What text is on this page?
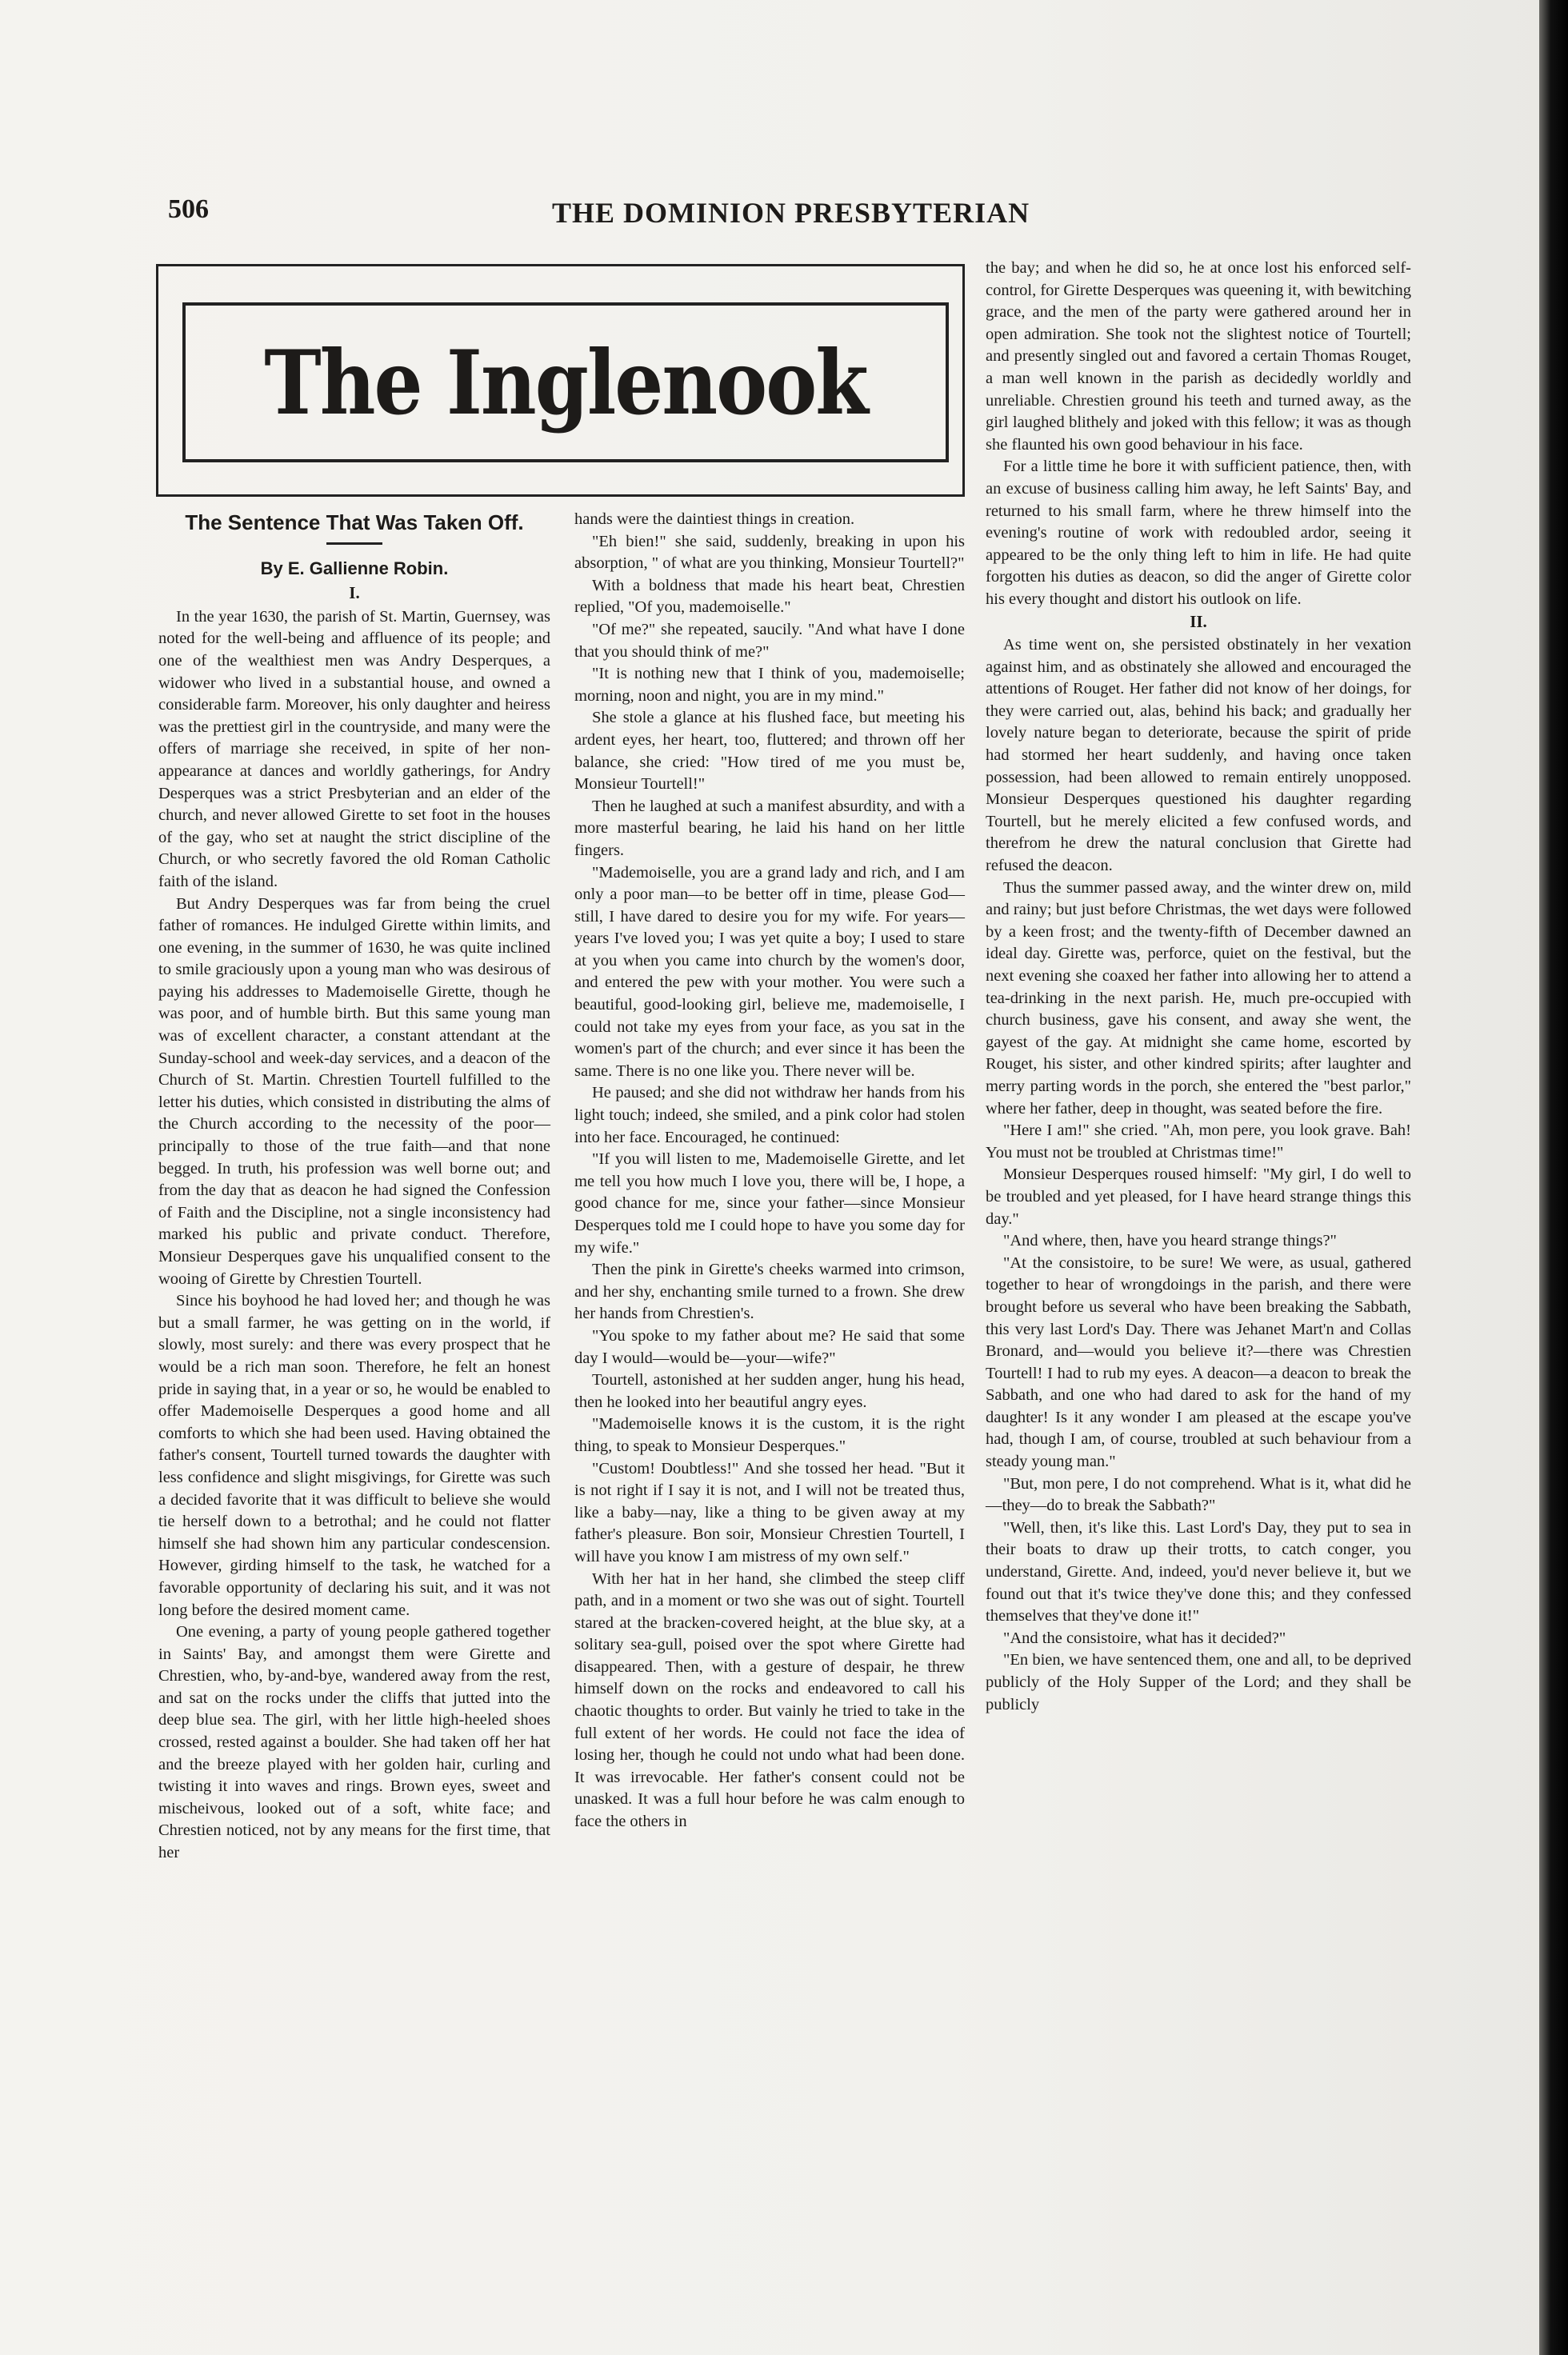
506	THE DOMINION PRESBYTERIAN
The Inglenook
The Sentence That Was Taken Off.
By E. Gallienne Robin.
I.

In the year 1630, the parish of St. Martin, Guernsey, was noted for the well-being and affluence of its people; and one of the wealthiest men was Andry Desperques, a widower who lived in a substantial house, and owned a considerable farm. Moreover, his only daughter and heiress was the prettiest girl in the countryside, and many were the offers of marriage she received, in spite of her non-appearance at dances and worldly gatherings, for Andry Desperques was a strict Presbyterian and an elder of the church, and never allowed Girette to set foot in the houses of the gay, who set at naught the strict discipline of the Church, or who secretly favored the old Roman Catholic faith of the island.

But Andry Desperques was far from being the cruel father of romances. He indulged Girette within limits, and one evening, in the summer of 1630, he was quite inclined to smile graciously upon a young man who was desirous of paying his addresses to Mademoiselle Girette, though he was poor, and of humble birth. But this same young man was of excellent character, a constant attendant at the Sunday-school and week-day services, and a deacon of the Church of St. Martin. Chrestien Tourtell fulfilled to the letter his duties, which consisted in distributing the alms of the Church according to the necessity of the poor—principally to those of the true faith—and that none begged. In truth, his profession was well borne out; and from the day that as deacon he had signed the Confession of Faith and the Discipline, not a single inconsistency had marked his public and private conduct. Therefore, Monsieur Desperques gave his unqualified consent to the wooing of Girette by Chrestien Tourtell.

Since his boyhood he had loved her; and though he was but a small farmer, he was getting on in the world, if slowly, most surely: and there was every prospect that he would be a rich man soon. Therefore, he felt an honest pride in saying that, in a year or so, he would be enabled to offer Mademoiselle Desperques a good home and all comforts to which she had been used. Having obtained the father's consent, Tourtell turned towards the daughter with less confidence and slight misgivings, for Girette was such a decided favorite that it was difficult to believe she would tie herself down to a betrothal; and he could not flatter himself she had shown him any particular condescension. However, girding himself to the task, he watched for a favorable opportunity of declaring his suit, and it was not long before the desired moment came.

One evening, a party of young people gathered together in Saints' Bay, and amongst them were Girette and Chrestien, who, by-and-bye, wandered away from the rest, and sat on the rocks under the cliffs that jutted into the deep blue sea. The girl, with her little high-heeled shoes crossed, rested against a boulder. She had taken off her hat and the breeze played with her golden hair, curling and twisting it into waves and rings. Brown eyes, sweet and mischeivous, looked out of a soft, white face; and Chrestien noticed, not by any means for the first time, that her

hands were the daintiest things in creation.

"Eh bien!" she said, suddenly, breaking in upon his absorption, " of what are you thinking, Monsieur Tourtell?"

With a boldness that made his heart beat, Chrestien replied, "Of you, mademoiselle."

"Of me?" she repeated, saucily. "And what have I done that you should think of me?"

"It is nothing new that I think of you, mademoiselle; morning, noon and night, you are in my mind."

She stole a glance at his flushed face, but meeting his ardent eyes, her heart, too, fluttered; and thrown off her balance, she cried: "How tired of me you must be, Monsieur Tourtell!"

Then he laughed at such a manifest absurdity, and with a more masterful bearing, he laid his hand on her little fingers.

"Mademoiselle, you are a grand lady and rich, and I am only a poor man—to be better off in time, please God—still, I have dared to desire you for my wife. For years—years I've loved you; I was yet quite a boy; I used to stare at you when you came into church by the women's door, and entered the pew with your mother. You were such a beautiful, good-looking girl, believe me, mademoiselle, I could not take my eyes from your face, as you sat in the women's part of the church; and ever since it has been the same. There is no one like you. There never will be.

He paused; and she did not withdraw her hands from his light touch; indeed, she smiled, and a pink color had stolen into her face. Encouraged, he continued:

"If you will listen to me, Mademoiselle Girette, and let me tell you how much I love you, there will be, I hope, a good chance for me, since your father—since Monsieur Desperques told me I could hope to have you some day for my wife."

Then the pink in Girette's cheeks warmed into crimson, and her shy, enchanting smile turned to a frown. She drew her hands from Chrestien's.

"You spoke to my father about me? He said that some day I would—would be—your—wife?"

Tourtell, astonished at her sudden anger, hung his head, then he looked into her beautiful angry eyes.

"Mademoiselle knows it is the custom, it is the right thing, to speak to Monsieur Desperques."

"Custom! Doubtless!" And she tossed her head. "But it is not right if I say it is not, and I will not be treated thus, like a baby—nay, like a thing to be given away at my father's pleasure. Bon soir, Monsieur Chrestien Tourtell, I will have you know I am mistress of my own self."

With her hat in her hand, she climbed the steep cliff path, and in a moment or two she was out of sight. Tourtell stared at the bracken-covered height, at the blue sky, at a solitary sea-gull, poised over the spot where Girette had disappeared. Then, with a gesture of despair, he threw himself down on the rocks and endeavored to call his chaotic thoughts to order. But vainly he tried to take in the full extent of her words. He could not face the idea of losing her, though he could not undo what had been done. It was irrevocable. Her father's consent could not be unasked. It was a full hour before he was calm enough to face the others in

the bay; and when he did so, he at once lost his enforced self-control, for Girette Desperques was queening it, with bewitching grace, and the men of the party were gathered around her in open admiration. She took not the slightest notice of Tourtell; and presently singled out and favored a certain Thomas Rouget, a man well known in the parish as decidedly worldly and unreliable. Chrestien ground his teeth and turned away, as the girl laughed blithely and joked with this fellow; it was as though she flaunted his own good behaviour in his face.

For a little time he bore it with sufficient patience, then, with an excuse of business calling him away, he left Saints' Bay, and returned to his small farm, where he threw himself into the evening's routine of work with redoubled ardor, seeing it appeared to be the only thing left to him in life. He had quite forgotten his duties as deacon, so did the anger of Girette color his every thought and distort his outlook on life.

II.

As time went on, she persisted obstinately in her vexation against him, and as obstinately she allowed and encouraged the attentions of Rouget. Her father did not know of her doings, for they were carried out, alas, behind his back; and gradually her lovely nature began to deteriorate, because the spirit of pride had stormed her heart suddenly, and having once taken possession, had been allowed to remain entirely unopposed. Monsieur Desperques questioned his daughter regarding Tourtell, but he merely elicited a few confused words, and therefrom he drew the natural conclusion that Girette had refused the deacon.

Thus the summer passed away, and the winter drew on, mild and rainy; but just before Christmas, the wet days were followed by a keen frost; and the twenty-fifth of December dawned an ideal day. Girette was, perforce, quiet on the festival, but the next evening she coaxed her father into allowing her to attend a tea-drinking in the next parish. He, much pre-occupied with church business, gave his consent, and away she went, the gayest of the gay. At midnight she came home, escorted by Rouget, his sister, and other kindred spirits; after laughter and merry parting words in the porch, she entered the "best parlor," where her father, deep in thought, was seated before the fire.

"Here I am!" she cried. "Ah, mon pere, you look grave. Bah! You must not be troubled at Christmas time!"

Monsieur Desperques roused himself: "My girl, I do well to be troubled and yet pleased, for I have heard strange things this day."

"And where, then, have you heard strange things?"

"At the consistoire, to be sure! We were, as usual, gathered together to hear of wrongdoings in the parish, and there were brought before us several who have been breaking the Sabbath, this very last Lord's Day. There was Jehanet Mart'n and Collas Bronard, and—would you believe it?—there was Chrestien Tourtell! I had to rub my eyes. A deacon—a deacon to break the Sabbath, and one who had dared to ask for the hand of my daughter! Is it any wonder I am pleased at the escape you've had, though I am, of course, troubled at such behaviour from a steady young man."

"But, mon pere, I do not comprehend. What is it, what did he—they—do to break the Sabbath?"

"Well, then, it's like this. Last Lord's Day, they put to sea in their boats to draw up their trotts, to catch conger, you understand, Girette. And, indeed, you'd never believe it, but we found out that it's twice they've done this; and they confessed themselves that they've done it!"

"And the consistoire, what has it decided?"

"En bien, we have sentenced them, one and all, to be deprived publicly of the Holy Supper of the Lord; and they shall be publicly
